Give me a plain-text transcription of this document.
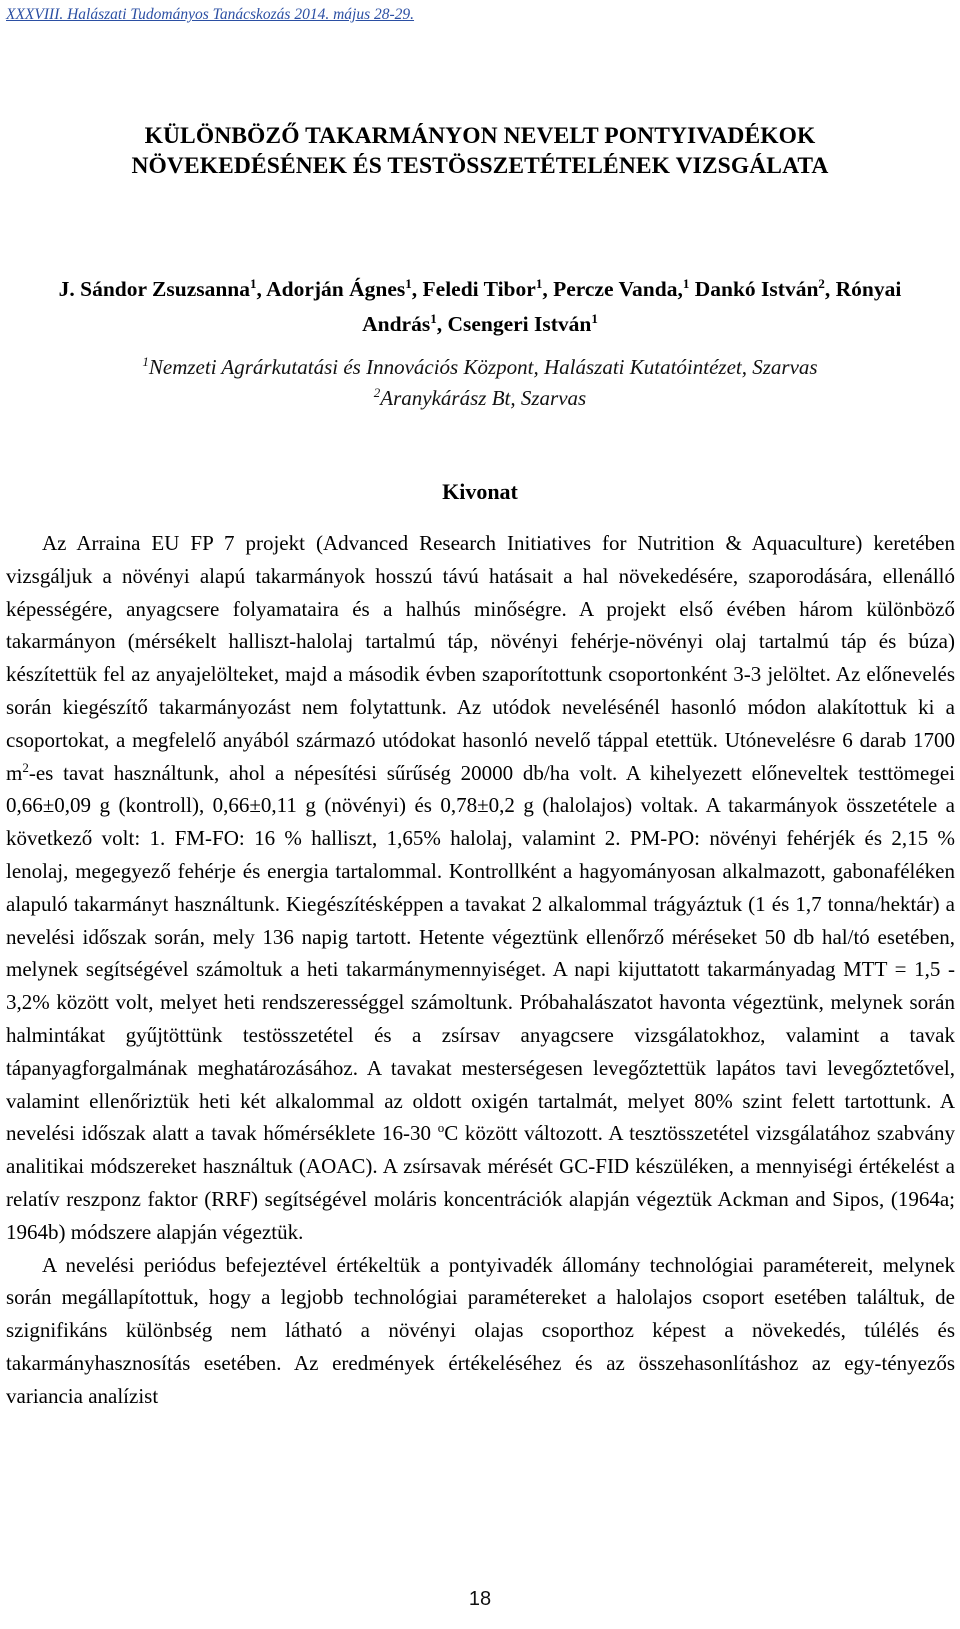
XXXVIII. Halászati Tudományos Tanácskozás 2014. május 28-29.
KÜLÖNBÖZŐ TAKARMÁNYON NEVELT PONTYIVADÉKOK
NÖVEKEDÉSÉNEK ÉS TESTÖSSZETÉTELÉNEK VIZSGÁLATA
J. Sándor Zsuzsanna$^1$, Adorján Ágnes$^1$, Feledi Tibor$^1$, Percze Vanda,$^1$ Dankó István$^2$, Rónyai András$^1$, Csengeri István$^1$
$^1$Nemzeti Agrárkutatási és Innovációs Központ, Halászati Kutatóintézet, Szarvas
$^2$Aranykárász Bt, Szarvas
Kivonat

Az Arraina EU FP 7 projekt (Advanced Research Initiatives for Nutrition & Aquaculture) keretében vizsgáljuk a növényi alapú takarmányok hosszú távú hatásait a hal növekedésére, szaporodására, ellenálló képességére, anyagcsere folyamataira és a halhús minőségre. A projekt első évében három különböző takarmányon (mérsékelt halliszt-halolaj tartalmú táp, növényi fehérje-növényi olaj tartalmú táp és búza) készítettük fel az anyajelölteket, majd a második évben szaporítottunk csoportonként 3-3 jelöltet. Az előnevelés során kiegészítő takarmányozást nem folytattunk. Az utódok nevelésénél hasonló módon alakítottuk ki a csoportokat, a megfelelő anyából származó utódokat hasonló nevelő táppal etettük. Utónevelésre 6 darab 1700 $m^2-es$ tavat használtunk, ahol a népesítési sűrűség 20000 db/ha volt. A kihelyezett előneveltek testtömegei 0,66±0,09 g (kontroll), 0,66±0,11 g (növényi) és 0,78±0,2 g (halolajos) voltak. A takarmányok összetétele a következő volt: 1. FM-FO: 16 % halliszt, 1,65% halolaj, valamint 2. PM-PO: növényi fehérjék és 2,15 % lenolaj, megegyező fehérje és energia tartalommal. Kontrollként a hagyományosan alkalmazott, gabonaféléken alapuló takarmányt használtunk. Kiegészítésképpen a tavakat 2 alkalommal trágyáztuk (1 és 1,7 tonna/hektár) a nevelési időszak során, mely 136 napig tartott. Hetente végeztünk ellenőrző méréseket 50 db hal/tó esetében, melynek segítségével számoltuk a heti takarmánymennyiséget. A napi kijuttatott takarmányadag MTT = 1,5 - 3,2% között volt, melyet heti rendszerességgel számoltunk. Próbahalászatot havonta végeztünk, melynek során halmintákat gyűjtöttünk testösszetétel és a zsírsav anyagcsere vizsgálatokhoz, valamint a tavak tápanyagforgalmának meghatározásához. A tavakat mesterségesen levegőztettük lapátos tavi levegőztetővel, valamint ellenőriztük heti két alkalommal az oldott oxigén tartalmát, melyet 80% szint felett tartottunk. A nevelési időszak alatt a tavak hőmérséklete 16-30 $^o$C között változott. A tesztösszetétel vizsgálatához szabvány analitikai módszereket használtuk (AOAC). A zsírsavak mérését GC-FID készüléken, a mennyiségi értékelést a relatív reszponz faktor (RRF) segítségével moláris koncentrációk alapján végeztük Ackman and Sipos, (1964a; 1964b) módszere alapján végeztük.

A nevelési periódus befejeztével értékeltük a pontyivadék állomány technológiai paramétereit, melynek során megállapítottuk, hogy a legjobb technológiai paramétereket a halolajos csoport esetében találtuk, de szignifikáns különbség nem látható a növényi olajas csoporthoz képest a növekedés, túlélés és takarmányhasznosítás esetében. Az eredmények értékeléséhez és az összehasonlításhoz az egy-tényezős variancia analízist

18
